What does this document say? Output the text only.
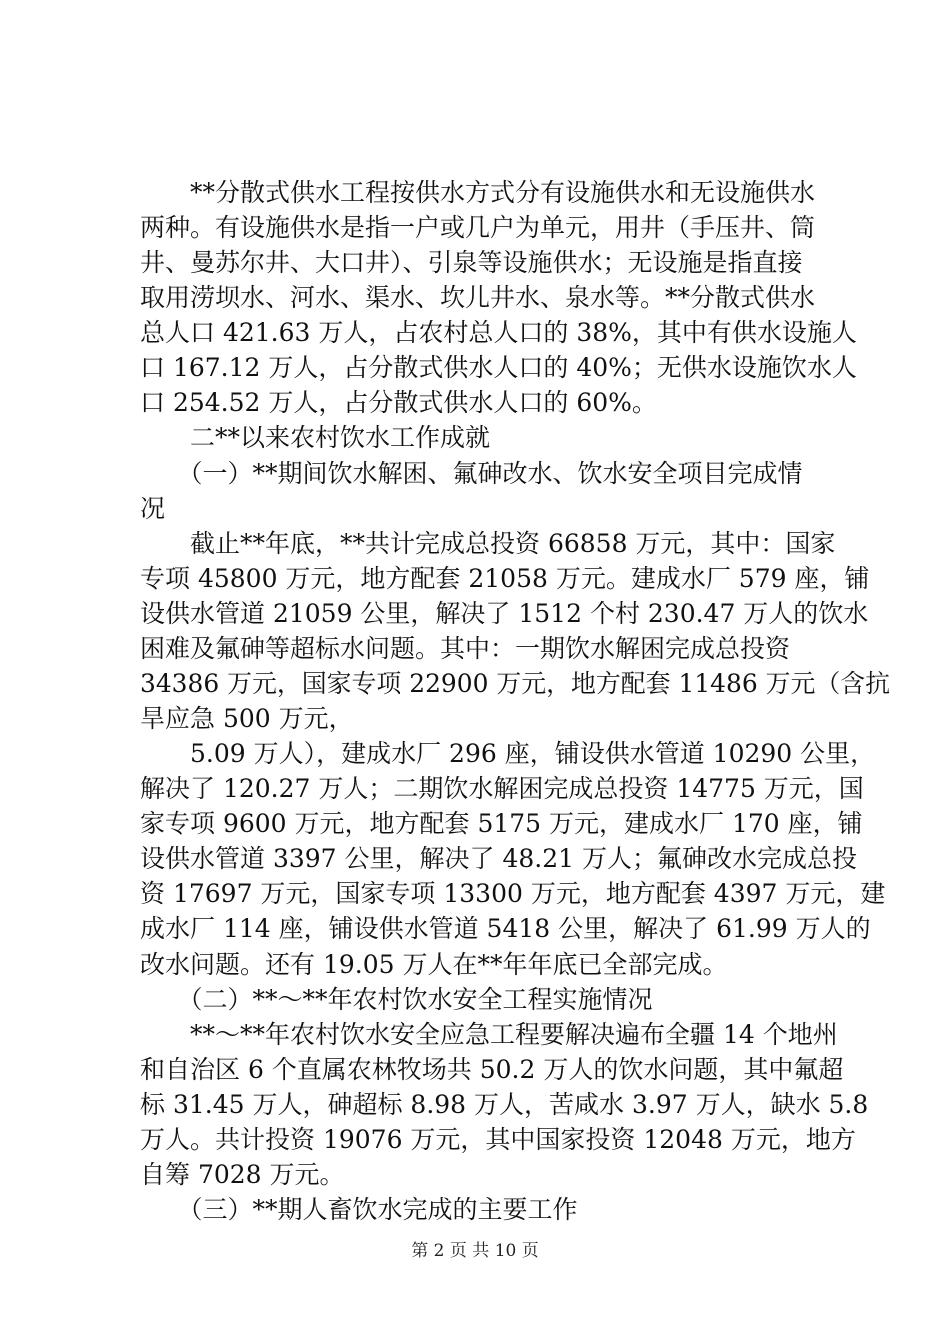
　　**分散式供水工程按供水方式分有设施供水和无设施供水
两种。有设施供水是指一户或几户为单元，用井（手压井、筒
井、曼苏尔井、大口井）、引泉等设施供水；无设施是指直接
取用涝坝水、河水、渠水、坎儿井水、泉水等。**分散式供水
总人口 421.63 万人，占农村总人口的 38%，其中有供水设施人
口 167.12 万人，占分散式供水人口的 40%；无供水设施饮水人
口 254.52 万人，占分散式供水人口的 60%。
　　二**以来农村饮水工作成就
　　（一）**期间饮水解困、氟砷改水、饮水安全项目完成情
况
　　截止**年底，**共计完成总投资 66858 万元，其中：国家
专项 45800 万元，地方配套 21058 万元。建成水厂 579 座，铺
设供水管道 21059 公里，解决了 1512 个村 230.47 万人的饮水
困难及氟砷等超标水问题。其中：一期饮水解困完成总投资
34386 万元，国家专项 22900 万元，地方配套 11486 万元（含抗
旱应急 500 万元，
　　5.09 万人），建成水厂 296 座，铺设供水管道 10290 公里，
解决了 120.27 万人；二期饮水解困完成总投资 14775 万元，国
家专项 9600 万元，地方配套 5175 万元，建成水厂 170 座，铺
设供水管道 3397 公里，解决了 48.21 万人；氟砷改水完成总投
资 17697 万元，国家专项 13300 万元，地方配套 4397 万元，建
成水厂 114 座，铺设供水管道 5418 公里，解决了 61.99 万人的
改水问题。还有 19.05 万人在**年年底已全部完成。
　　（二）**～**年农村饮水安全工程实施情况
　　**～**年农村饮水安全应急工程要解决遍布全疆 14 个地州
和自治区 6 个直属农林牧场共 50.2 万人的饮水问题，其中氟超
标 31.45 万人，砷超标 8.98 万人，苦咸水 3.97 万人，缺水 5.8
万人。共计投资 19076 万元，其中国家投资 12048 万元，地方
自筹 7028 万元。
　　（三）**期人畜饮水完成的主要工作
第 2 页 共 10 页
